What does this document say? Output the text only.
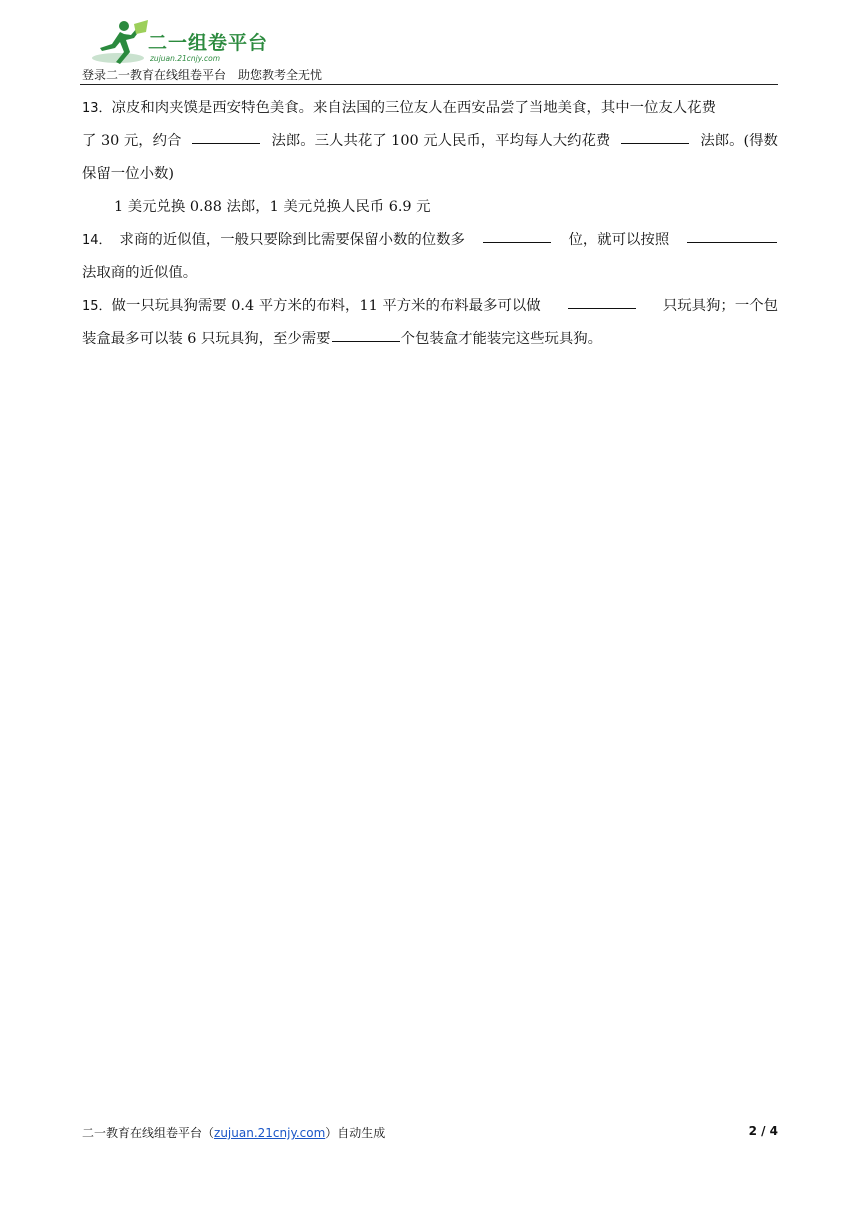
二一组卷平台
zujuan.21cnjy.com
登录二一教育在线组卷平台　助您教考全无忧
13．凉皮和肉夹馍是西安特色美食。来自法国的三位友人在西安品尝了当地美食，其中一位友人花费
了 30 元，约合	法郎。三人共花了 100 元人民币，平均每人大约花费	法郎。(得数
保留一位小数)
1 美元兑换 0.88 法郎，1 美元兑换人民币 6.9 元
14． 求商的近似值，一般只要除到比需要保留小数的位数多	位，就可以按照
法取商的近似值。
15．做一只玩具狗需要 0.4 平方米的布料，11 平方米的布料最多可以做	只玩具狗；一个包
装盒最多可以装 6 只玩具狗，至少需要	个包装盒才能装完这些玩具狗。
二一教育在线组卷平台（zujuan.21cnjy.com）自动生成	2 / 4
